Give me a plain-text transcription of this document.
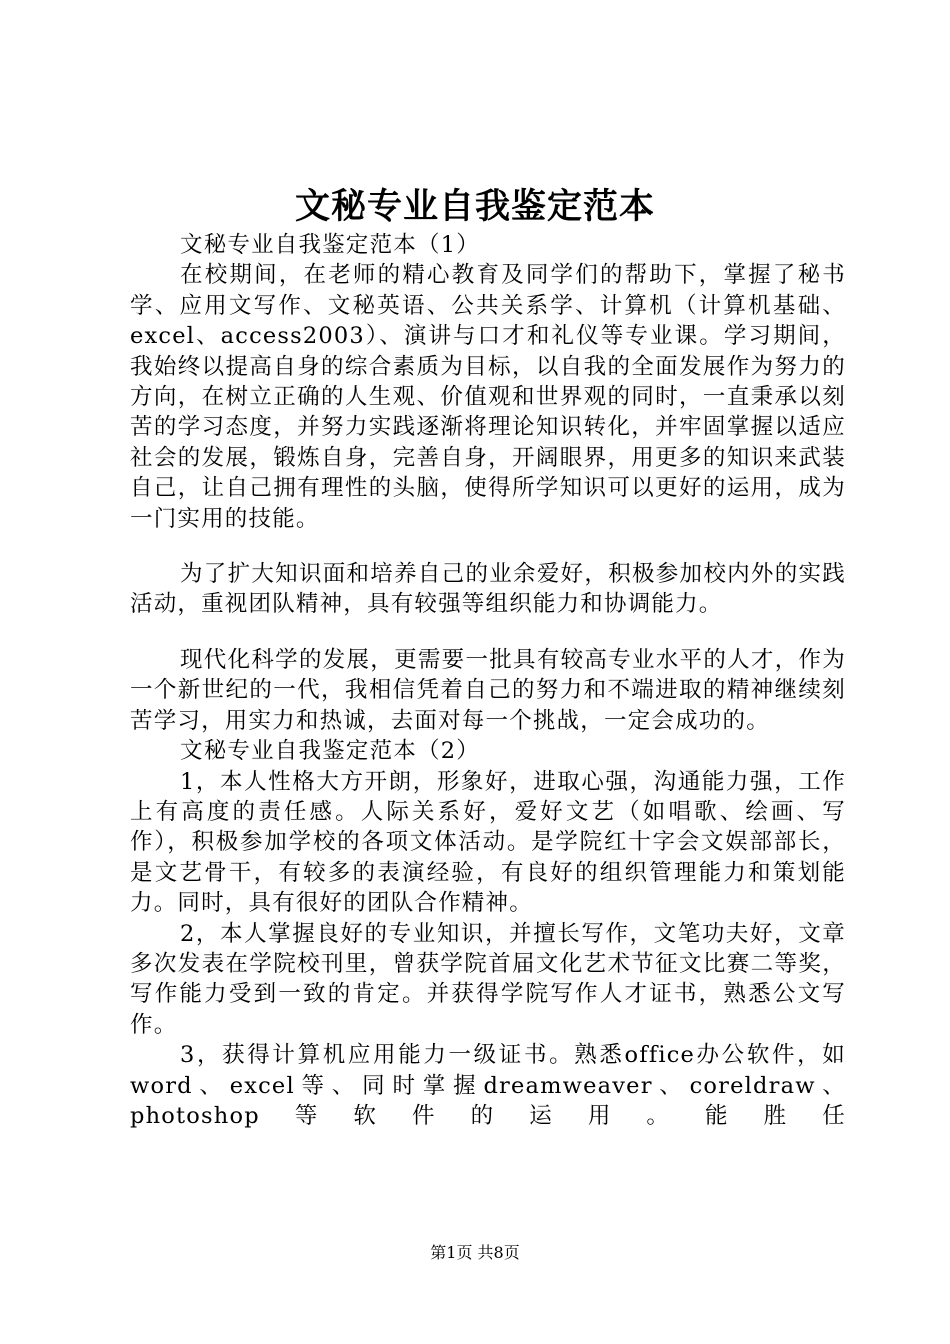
文秘专业自我鉴定范本

文秘专业自我鉴定范本（1）

在校期间，在老师的精心教育及同学们的帮助下，掌握了秘书学、应用文写作、文秘英语、公共关系学、计算机（计算机基础、excel、access2003）、演讲与口才和礼仪等专业课。学习期间，我始终以提高自身的综合素质为目标，以自我的全面发展作为努力的方向，在树立正确的人生观、价值观和世界观的同时，一直秉承以刻苦的学习态度，并努力实践逐渐将理论知识转化，并牢固掌握以适应社会的发展，锻炼自身，完善自身，开阔眼界，用更多的知识来武装自己，让自己拥有理性的头脑，使得所学知识可以更好的运用，成为一门实用的技能。

为了扩大知识面和培养自己的业余爱好，积极参加校内外的实践活动，重视团队精神，具有较强等组织能力和协调能力。

现代化科学的发展，更需要一批具有较高专业水平的人才，作为一个新世纪的一代，我相信凭着自己的努力和不端进取的精神继续刻苦学习，用实力和热诚，去面对每一个挑战，一定会成功的。

文秘专业自我鉴定范本（2）

1，本人性格大方开朗，形象好，进取心强，沟通能力强，工作上有高度的责任感。人际关系好，爱好文艺（如唱歌、绘画、写作），积极参加学校的各项文体活动。是学院红十字会文娱部部长，是文艺骨干，有较多的表演经验，有良好的组织管理能力和策划能力。同时，具有很好的团队合作精神。

2，本人掌握良好的专业知识，并擅长写作，文笔功夫好，文章多次发表在学院校刊里，曾获学院首届文化艺术节征文比赛二等奖，写作能力受到一致的肯定。并获得学院写作人才证书，熟悉公文写作。

3，获得计算机应用能力一级证书。熟悉office办公软件，如word、excel等、同时掌握dreamweaver、coreldraw、photoshop等软件的运用。能胜任

第1页 共8页
